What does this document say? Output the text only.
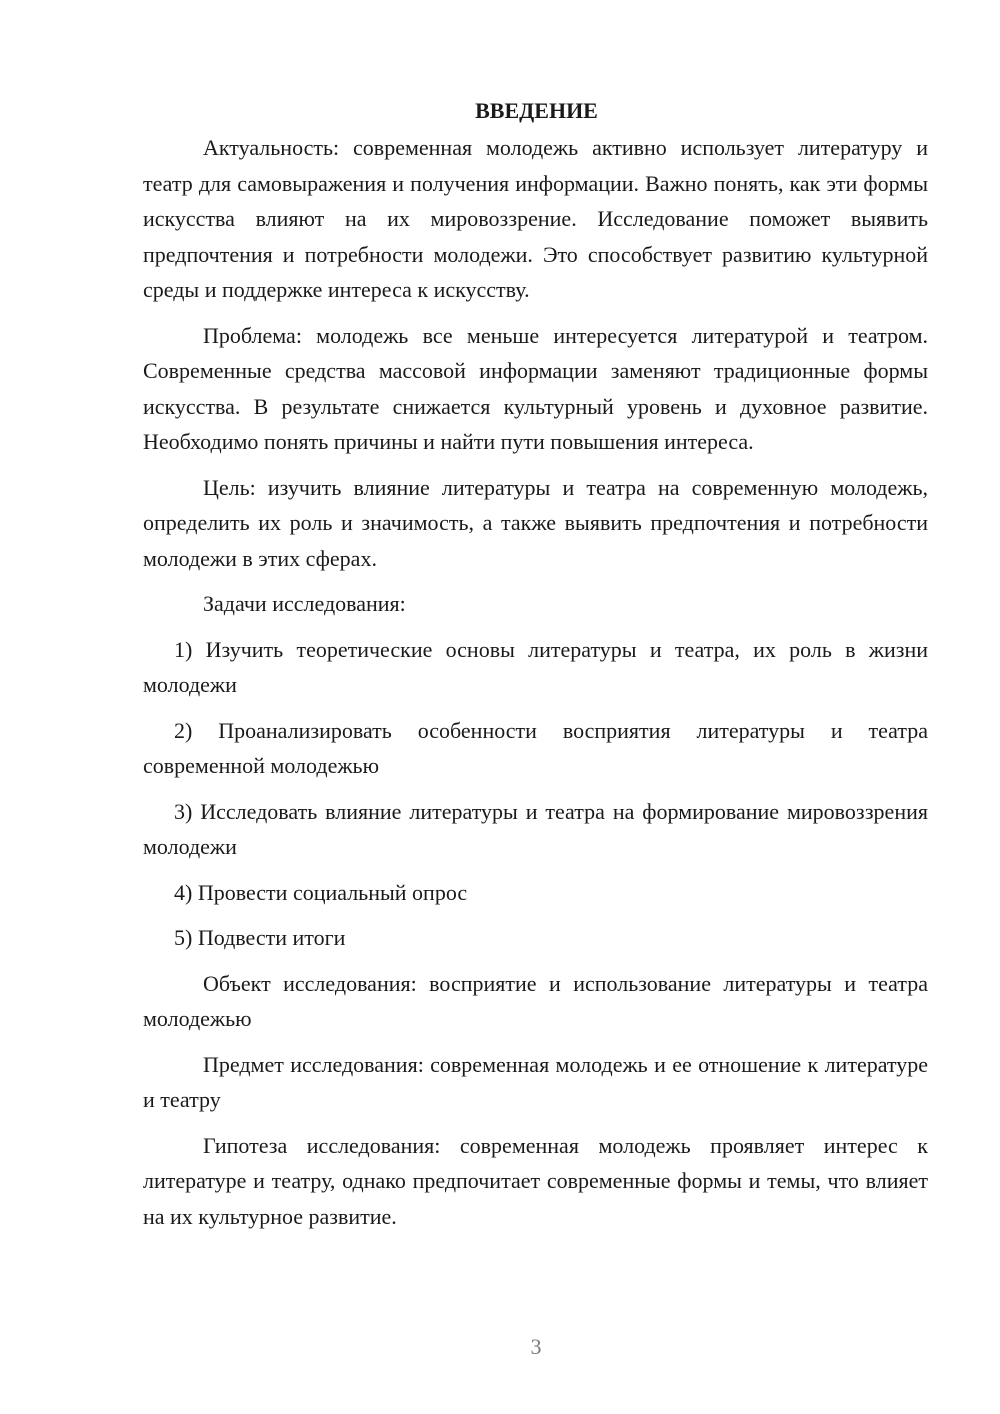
ВВЕДЕНИЕ

Актуальность: современная молодежь активно использует литературу и театр для самовыражения и получения информации. Важно понять, как эти формы искусства влияют на их мировоззрение. Исследование поможет выявить предпочтения и потребности молодежи. Это способствует развитию культурной среды и поддержке интереса к искусству.

Проблема: молодежь все меньше интересуется литературой и театром. Современные средства массовой информации заменяют традиционные формы искусства. В результате снижается культурный уровень и духовное развитие. Необходимо понять причины и найти пути повышения интереса.

Цель: изучить влияние литературы и театра на современную молодежь, определить их роль и значимость, а также выявить предпочтения и потребности молодежи в этих сферах.

Задачи исследования:

1) Изучить теоретические основы литературы и театра, их роль в жизни молодежи

2) Проанализировать особенности восприятия литературы и театра современной молодежью

3) Исследовать влияние литературы и театра на формирование мировоззрения молодежи

4) Провести социальный опрос

5) Подвести итоги

Объект исследования: восприятие и использование литературы и театра молодежью

Предмет исследования: современная молодежь и ее отношение к литературе и театру

Гипотеза исследования: современная молодежь проявляет интерес к литературе и театру, однако предпочитает современные формы и темы, что влияет на их культурное развитие.

3
